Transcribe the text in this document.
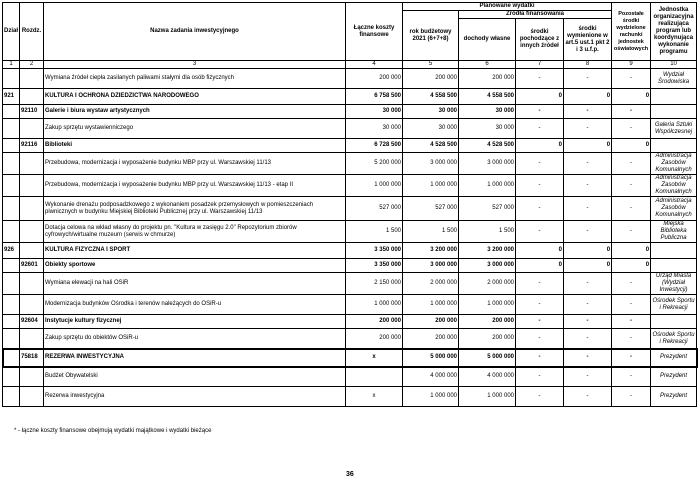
Dział	Rozdz.	Nazwa zadania inwestycyjnego	Łączne koszty finansowe	Planowane wydatki				Pozostałe środki wydzielone rachunki jednostek oświatowych	Jednostka organizacyjna realizująca program lub koordynująca wykonanie programu
				rok budżetowy 2021 (6+7+8)	Źródła finansowania				
					dochody własne	środki pochodzące z innych źródeł	środki wymienione w art.5 ust.1 pkt 2 i 3 u.f.p.		
1	2	3	4	5	6	7	8	9	10
		Wymiana źródeł ciepła zasilanych paliwami stałymi dla osób fizycznych	200 000	200 000	200 000	-	-	-	Wydział Środowiska
921		KULTURA I OCHRONA DZIEDZICTWA NARODOWEGO	6 758 500	4 558 500	4 558 500	0	0	0	
	92110	Galerie i biura wystaw artystycznych	30 000	30 000	30 000	-	-	-	
		Zakup sprzętu wystawienniczego	30 000	30 000	30 000	-	-	-	Galeria Sztuki Współczesnej
	92116	Biblioteki	6 728 500	4 528 500	4 528 500	0	0	0	
		Przebudowa, modernizacja i wyposażenie budynku MBP przy ul. Warszawskiej 11/13	5 200 000	3 000 000	3 000 000	-	-	-	Administracja Zasobów Komunalnych
		Przebudowa, modernizacja i wyposażenie budynku MBP przy ul. Warszawskiej 11/13 - etap II	1 000 000	1 000 000	1 000 000	-	-	-	Administracja Zasobów Komunalnych
		Wykonanie drenażu podposadzkowego z wykonaniem posadzek przemysłowych w pomieszczeniach piwnicznych w budynku Miejskiej Biblioteki Publicznej przy ul. Warszawskiej 11/13	527 000	527 000	527 000	-	-	-	Administracja Zasobów Komunalnych
		Dotacja celowa na wkład własny do projektu pn. "Kultura w zasięgu 2.0" Repozytorium zbiorów cyfrowych/wirtualne muzeum (serwis w chmurze)	1 500	1 500	1 500	-	-	-	Miejska Biblioteka Publiczna
926		KULTURA FIZYCZNA I SPORT	3 350 000	3 200 000	3 200 000	0	0	0	
	92601	Obiekty sportowe	3 350 000	3 000 000	3 000 000	0	0	0	
		Wymiana elewacji na hali OSiR	2 150 000	2 000 000	2 000 000	-	-	-	Urząd Miasta (Wydział Inwestycji)
		Modernizacja budynków Ośrodka i terenów należących do OSiR-u	1 000 000	1 000 000	1 000 000	-	-	-	Ośrodek Sportu i Rekreacji
	92604	Instytucje kultury fizycznej	200 000	200 000	200 000	-	-	-	
		Zakup sprzętu do obiektów OSiR-u	200 000	200 000	200 000	-	-	-	Ośrodek Sportu i Rekreacji
	75818	REZERWA INWESTYCYJNA	x	5 000 000	5 000 000	-	-	-	Prezydent
		Budżet Obywatelski		4 000 000	4 000 000	-	-	-	Prezydent
		Rezerwa inwestycyjna	x	1 000 000	1 000 000	-	-	-	Prezydent
* - łączne koszty finansowe obejmują wydatki majątkowe i wydatki bieżące
36
